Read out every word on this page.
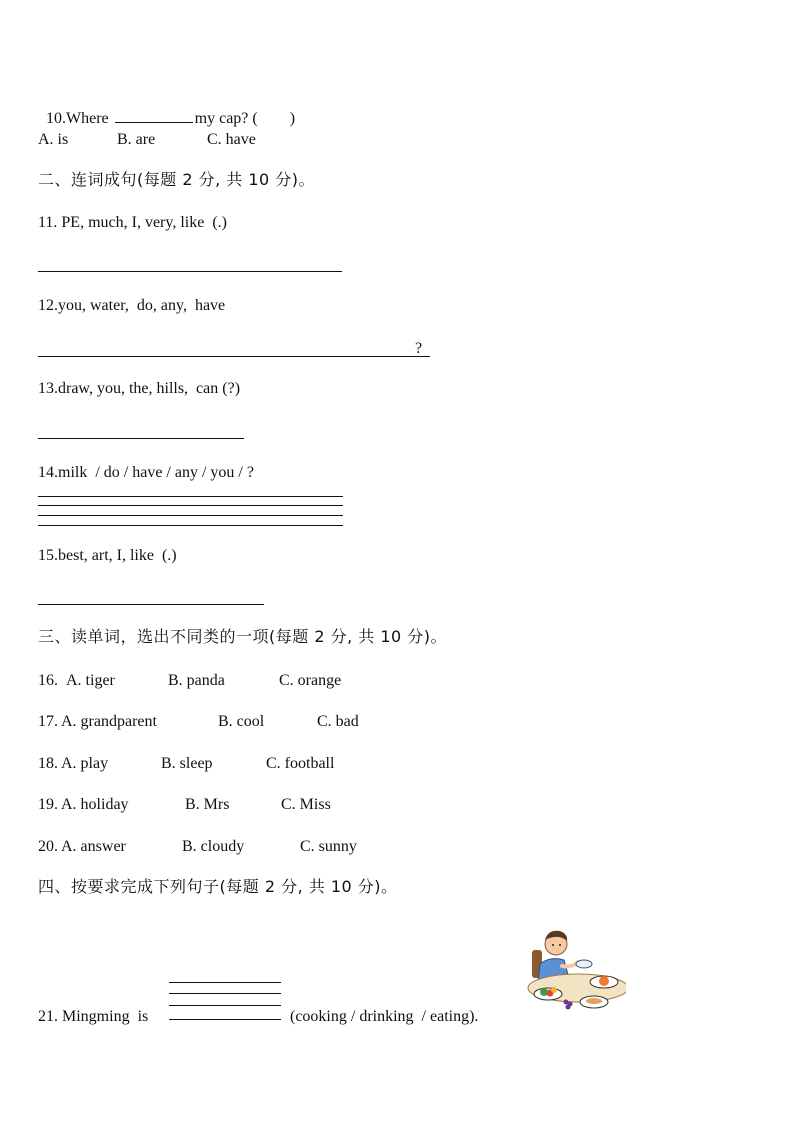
10.Where	my cap? (        )

A. is	B. are	C. have
二、连词成句(每题 2 分, 共 10 分)。
11. PE, much, I, very, like  (.)
12.you, water,  do, any,  have
?
13.draw, you, the, hills,  can (?)
14.milk  / do / have / any / you / ?
15.best, art, I, like  (.)
三、读单词，选出不同类的一项(每题 2 分, 共 10 分)。
16. A. tiger	B. panda	C. orange
17. A. grandparent	B. cool	C. bad
18. A. play	B. sleep	C. football
19. A. holiday	B. Mrs	C. Miss
20. A. answer	B. cloudy	C. sunny
四、按要求完成下列句子(每题 2 分, 共 10 分)。
21. Mingming  is	(cooking / drinking  / eating).
